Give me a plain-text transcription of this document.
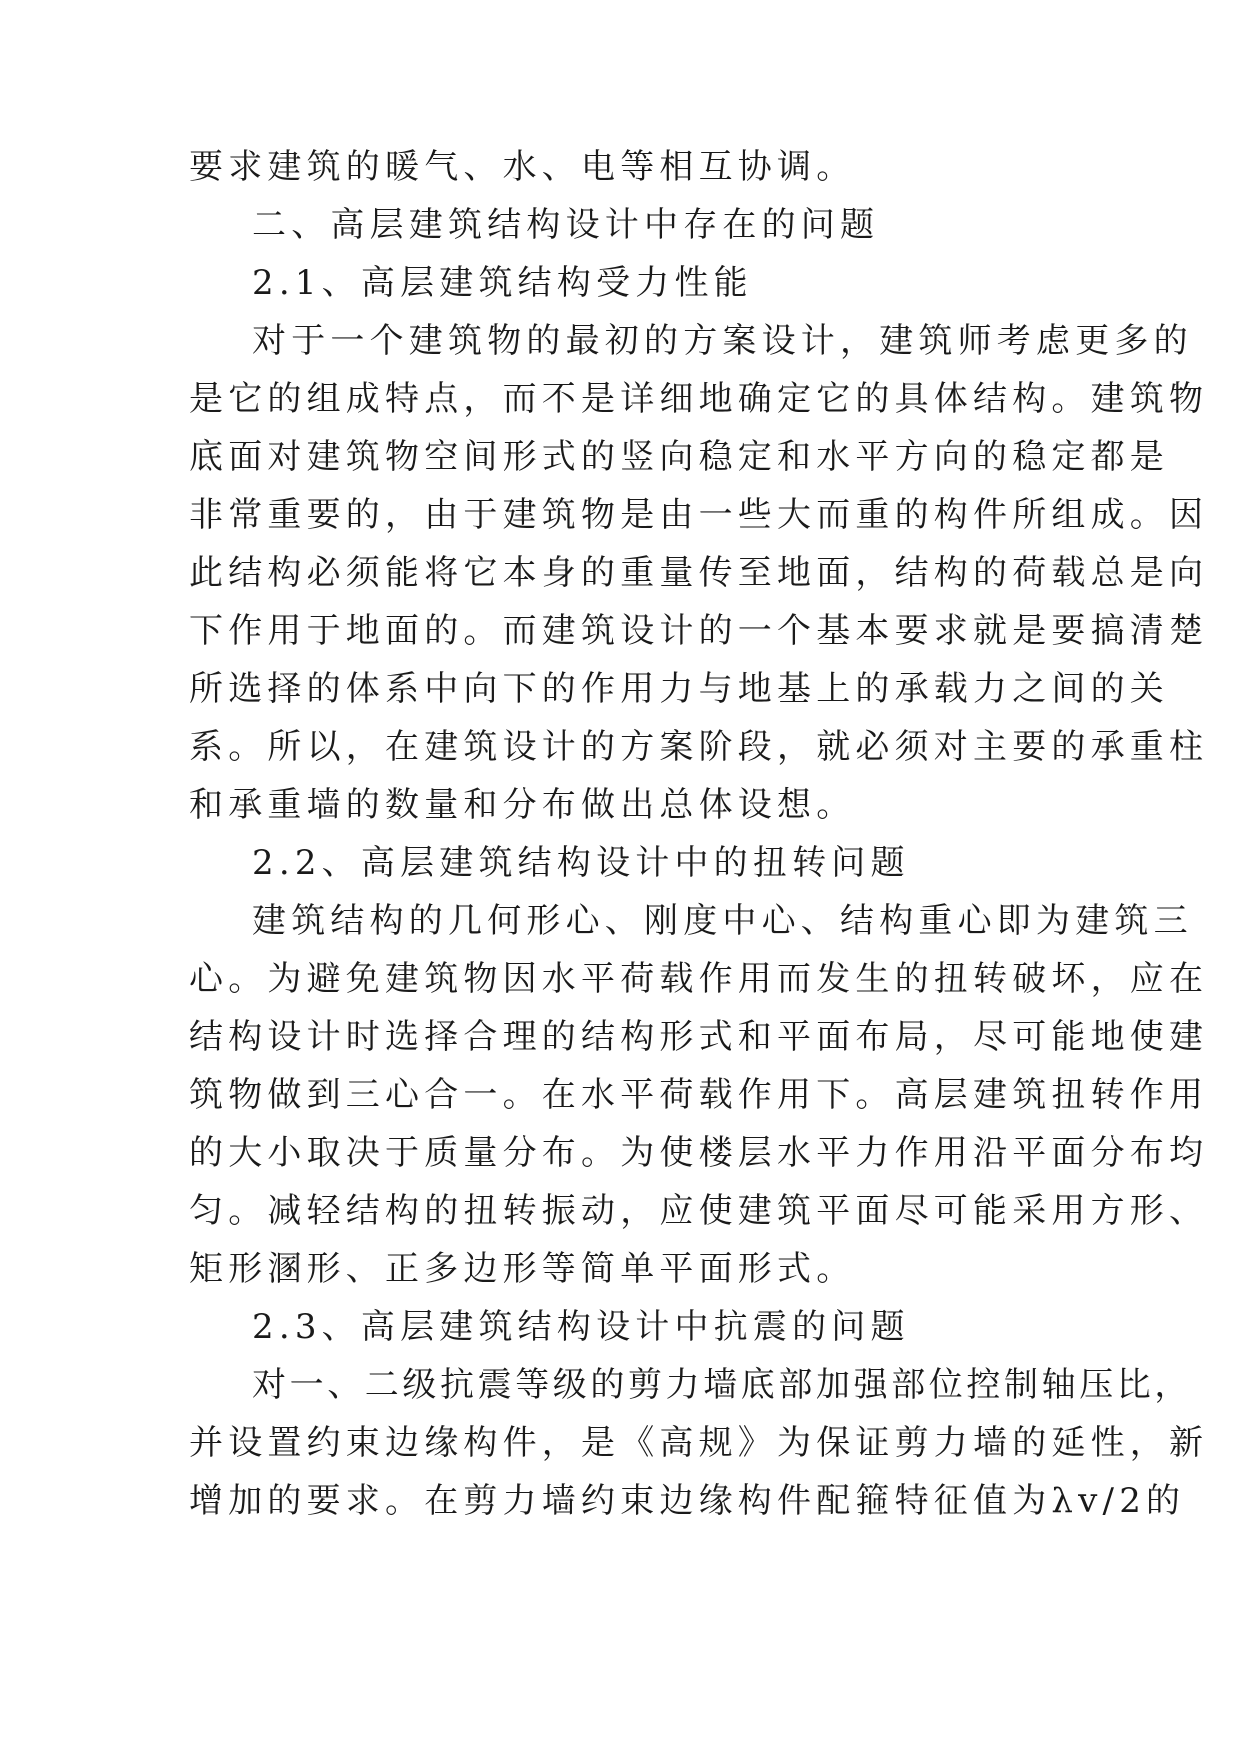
要求建筑的暖气、水、电等相互协调。
二、高层建筑结构设计中存在的问题
2.1、高层建筑结构受力性能
对于一个建筑物的最初的方案设计，建筑师考虑更多的
是它的组成特点，而不是详细地确定它的具体结构。建筑物
底面对建筑物空间形式的竖向稳定和水平方向的稳定都是
非常重要的，由于建筑物是由一些大而重的构件所组成。因
此结构必须能将它本身的重量传至地面，结构的荷载总是向
下作用于地面的。而建筑设计的一个基本要求就是要搞清楚
所选择的体系中向下的作用力与地基上的承载力之间的关
系。所以，在建筑设计的方案阶段，就必须对主要的承重柱
和承重墙的数量和分布做出总体设想。
2.2、高层建筑结构设计中的扭转问题
建筑结构的几何形心、刚度中心、结构重心即为建筑三
心。为避免建筑物因水平荷载作用而发生的扭转破坏，应在
结构设计时选择合理的结构形式和平面布局，尽可能地使建
筑物做到三心合一。在水平荷载作用下。高层建筑扭转作用
的大小取决于质量分布。为使楼层水平力作用沿平面分布均
匀。减轻结构的扭转振动，应使建筑平面尽可能采用方形、
矩形溷形、正多边形等简单平面形式。
2.3、高层建筑结构设计中抗震的问题
对一、二级抗震等级的剪力墙底部加强部位控制轴压比，
并设置约束边缘构件，是《高规》为保证剪力墙的延性，新
增加的要求。在剪力墙约束边缘构件配箍特征值为λv/2的
